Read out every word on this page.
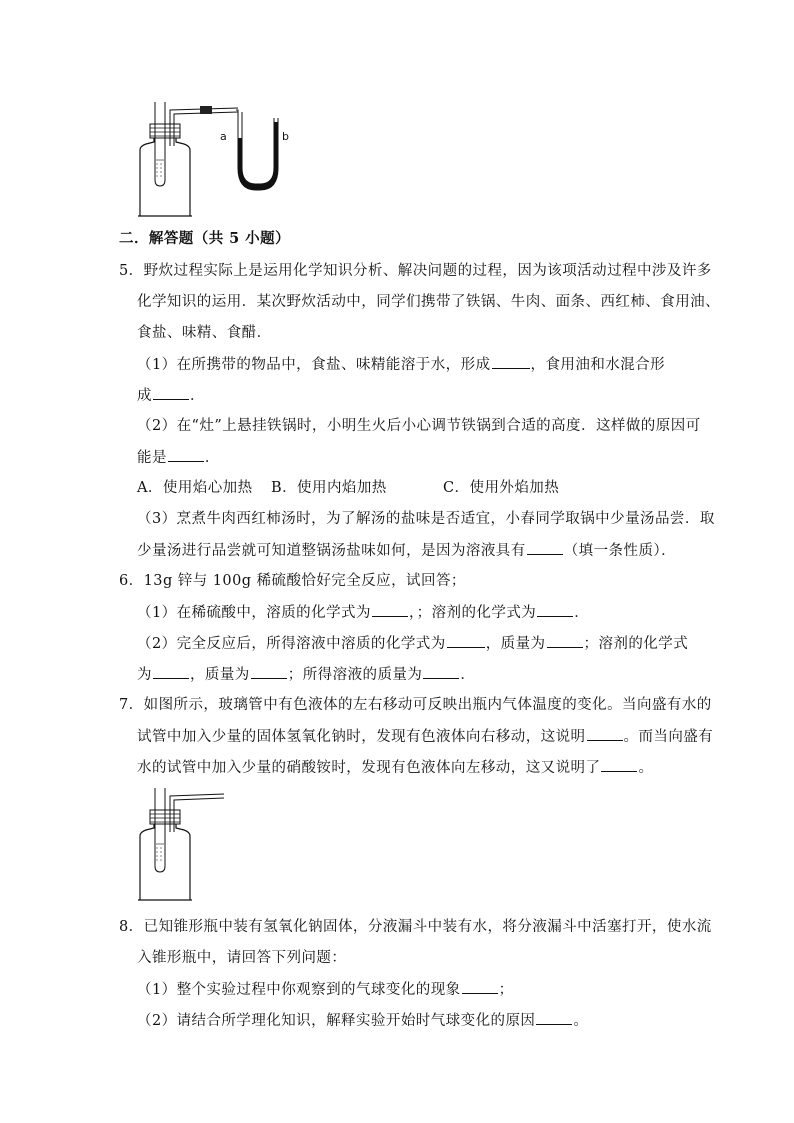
a	b
二．解答题（共 5 小题）
5．野炊过程实际上是运用化学知识分析、解决问题的过程，因为该项活动过程中涉及许多
化学知识的运用．某次野炊活动中，同学们携带了铁锅、牛肉、面条、西红柿、食用油、
食盐、味精、食醋．
（1）在所携带的物品中，食盐、味精能溶于水，形成	，食用油和水混合形
成	．
（2）在“灶”上悬挂铁锅时，小明生火后小心调节铁锅到合适的高度．这样做的原因可
能是	．
A．使用焰心加热 B．使用内焰加热	C．使用外焰加热
（3）烹煮牛肉西红柿汤时，为了解汤的盐味是否适宜，小春同学取锅中少量汤品尝．取
少量汤进行品尝就可知道整锅汤盐味如何，是因为溶液具有	（填一条性质）．
6．13g 锌与 100g 稀硫酸恰好完全反应，试回答；
（1）在稀硫酸中，溶质的化学式为	，；溶剂的化学式为	．
（2）完全反应后，所得溶液中溶质的化学式为	，质量为	；溶剂的化学式
为	，质量为	；所得溶液的质量为	．
7．如图所示，玻璃管中有色液体的左右移动可反映出瓶内气体温度的变化。当向盛有水的
试管中加入少量的固体氢氧化钠时，发现有色液体向右移动，这说明	。而当向盛有
水的试管中加入少量的硝酸铵时，发现有色液体向左移动，这又说明了	。
8．已知锥形瓶中装有氢氧化钠固体，分液漏斗中装有水，将分液漏斗中活塞打开，使水流
入锥形瓶中，请回答下列问题：
（1）整个实验过程中你观察到的气球变化的现象	；
（2）请结合所学理化知识，解释实验开始时气球变化的原因	。
